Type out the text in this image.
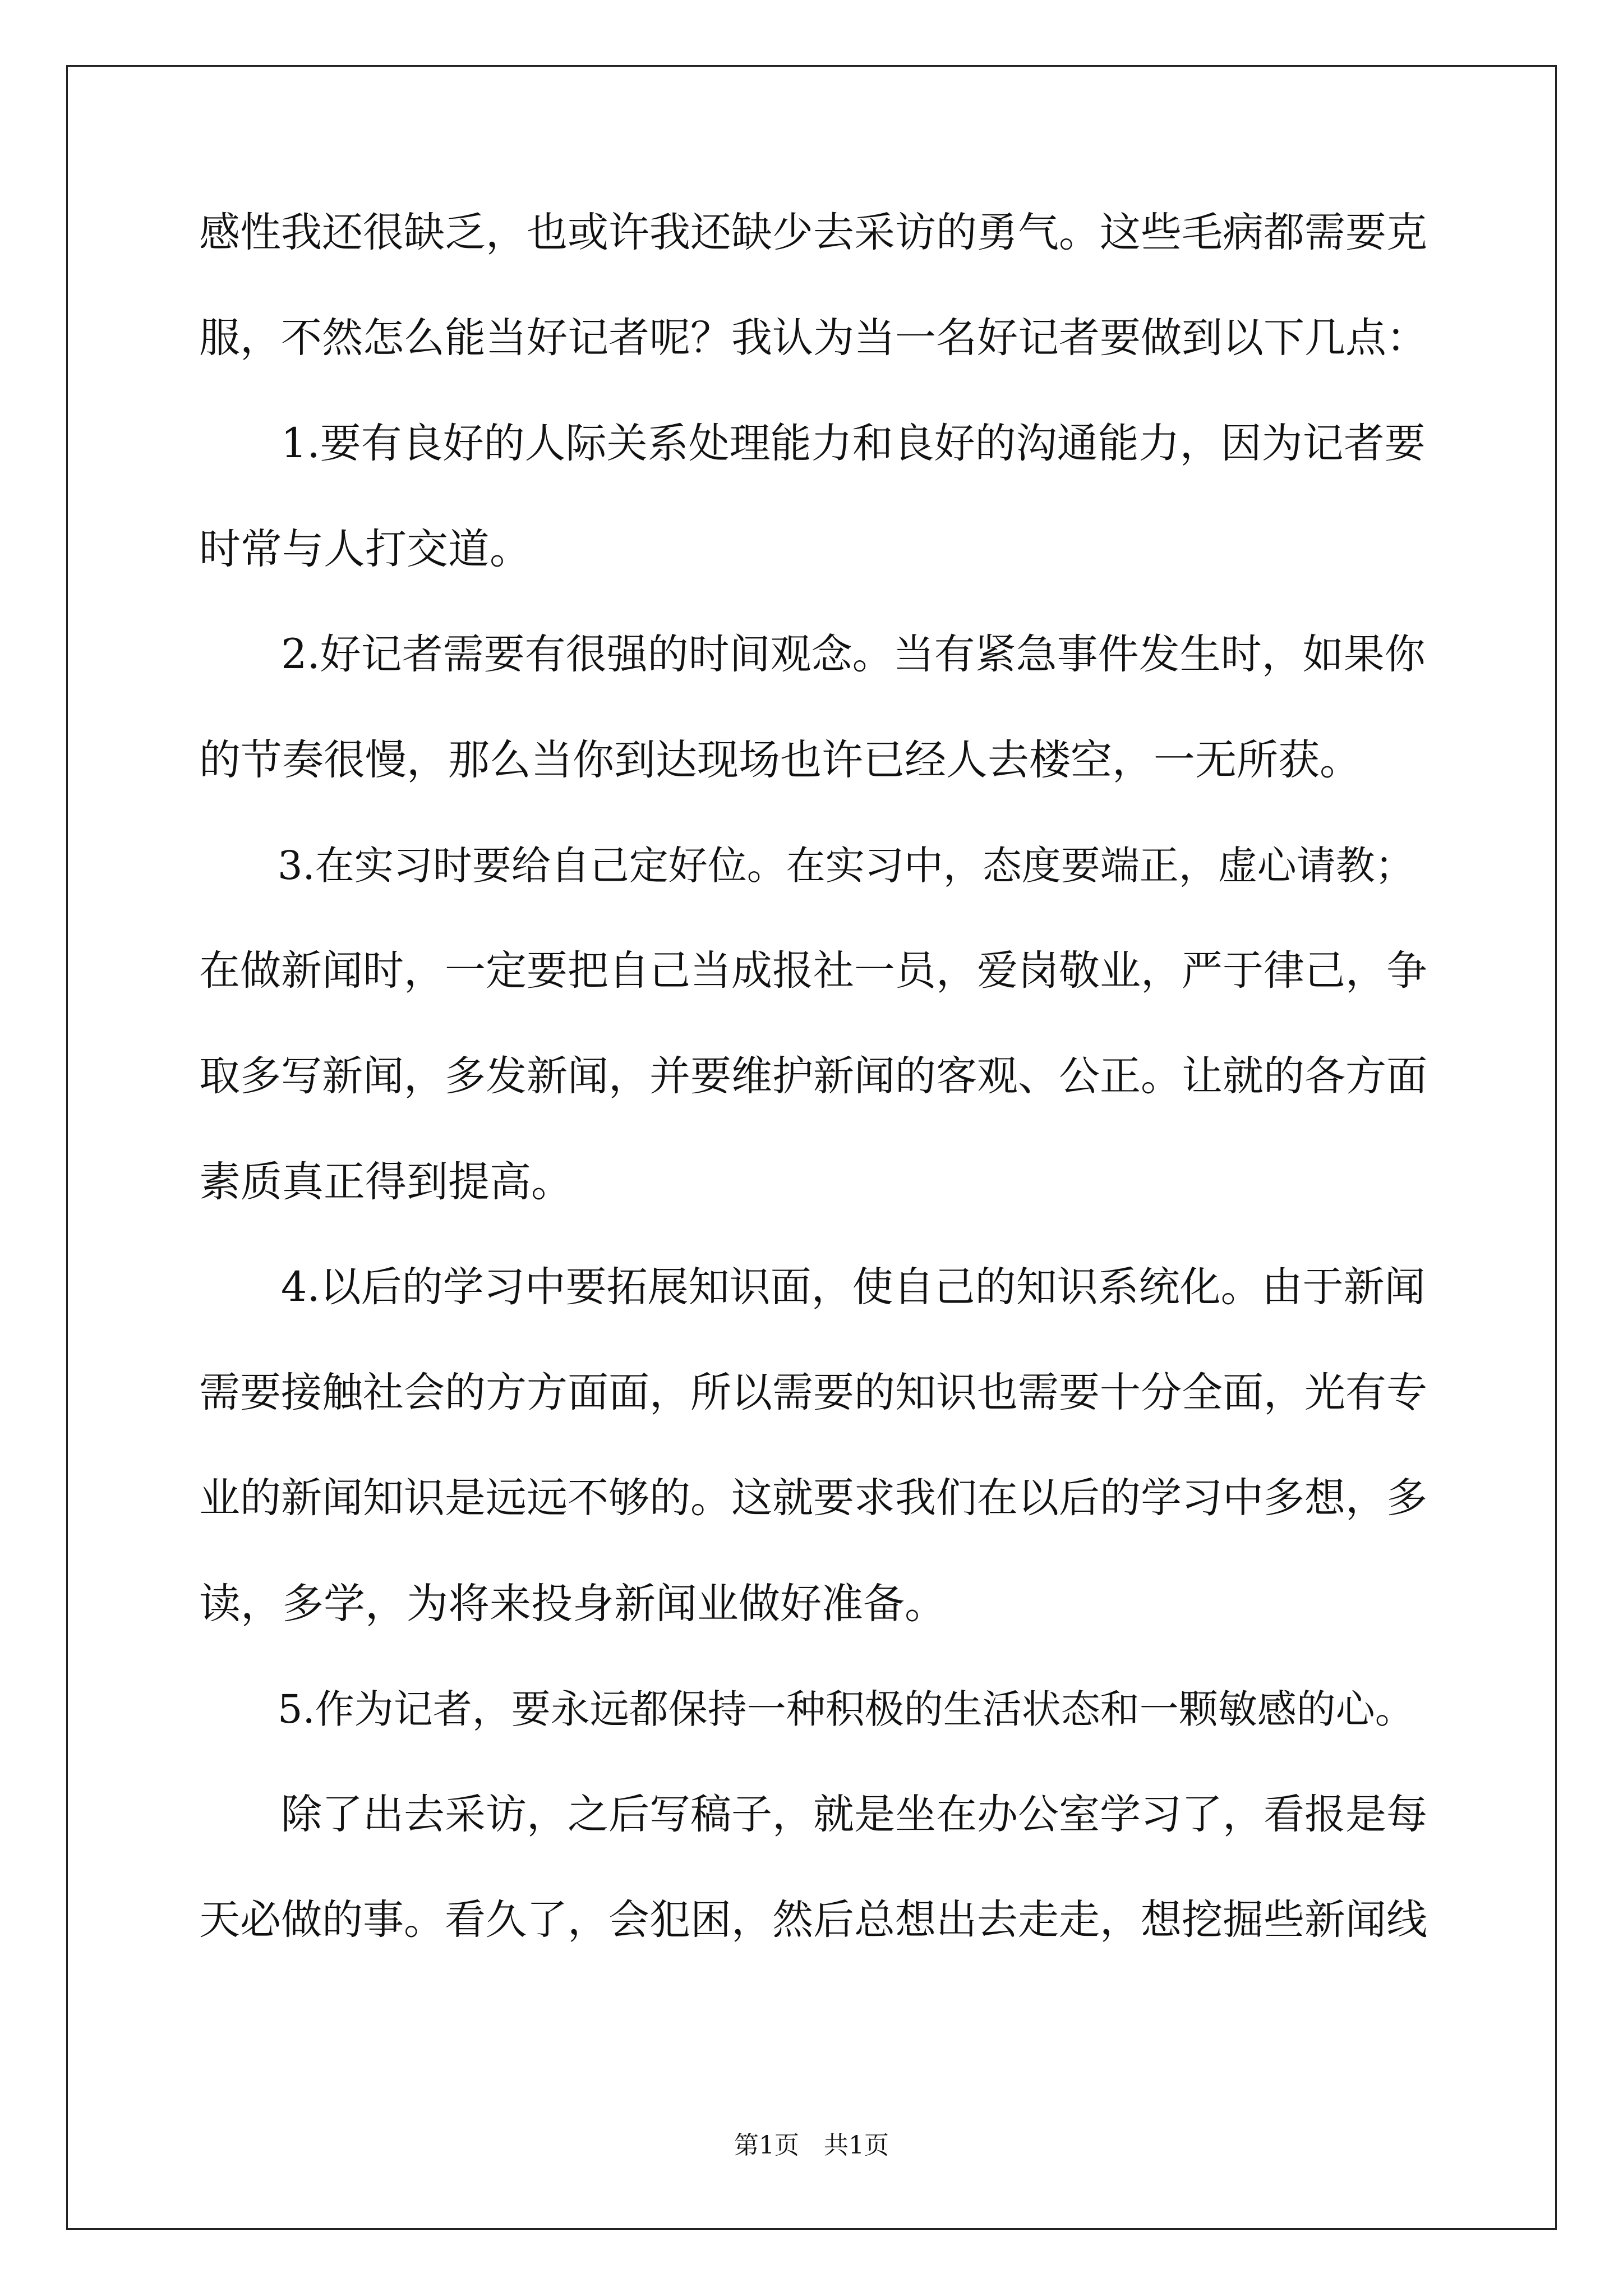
感性我还很缺乏，也或许我还缺少去采访的勇气。这些毛病都需要克
服，不然怎么能当好记者呢？我认为当一名好记者要做到以下几点：
　　1.要有良好的人际关系处理能力和良好的沟通能力，因为记者要
时常与人打交道。
　　2.好记者需要有很强的时间观念。当有紧急事件发生时，如果你
的节奏很慢，那么当你到达现场也许已经人去楼空，一无所获。
　　3.在实习时要给自己定好位。在实习中，态度要端正，虚心请教；
在做新闻时，一定要把自己当成报社一员，爱岗敬业，严于律己，争
取多写新闻，多发新闻，并要维护新闻的客观、公正。让就的各方面
素质真正得到提高。
　　4.以后的学习中要拓展知识面，使自己的知识系统化。由于新闻
需要接触社会的方方面面，所以需要的知识也需要十分全面，光有专
业的新闻知识是远远不够的。这就要求我们在以后的学习中多想，多
读，多学，为将来投身新闻业做好准备。
　　5.作为记者，要永远都保持一种积极的生活状态和一颗敏感的心。
　　除了出去采访，之后写稿子，就是坐在办公室学习了，看报是每
天必做的事。看久了，会犯困，然后总想出去走走，想挖掘些新闻线
第1页　共1页
